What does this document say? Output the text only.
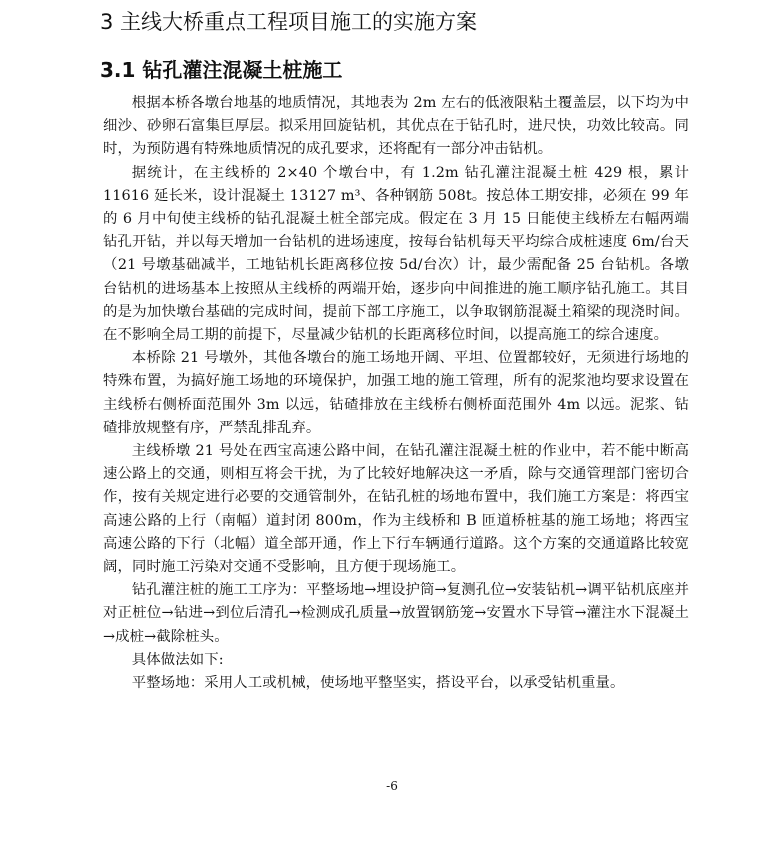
3 主线大桥重点工程项目施工的实施方案
3.1 钻孔灌注混凝土桩施工

根据本桥各墩台地基的地质情况，其地表为 2m 左右的低液限粘土覆盖层，以下均为中细沙、砂卵石富集巨厚层。拟采用回旋钻机，其优点在于钻孔时，进尺快，功效比较高。同时，为预防遇有特殊地质情况的成孔要求，还将配有一部分冲击钻机。

据统计，在主线桥的 2×40 个墩台中，有 1.2m 钻孔灌注混凝土桩 429 根，累计 11616 延长米，设计混凝土 13127 m³、各种钢筋 508t。按总体工期安排，必须在 99 年的 6 月中旬使主线桥的钻孔混凝土桩全部完成。假定在 3 月 15 日能使主线桥左右幅两端钻孔开钻，并以每天增加一台钻机的进场速度，按每台钻机每天平均综合成桩速度 6m/台天（21 号墩基础减半，工地钻机长距离移位按 5d/台次）计，最少需配备 25 台钻机。各墩台钻机的进场基本上按照从主线桥的两端开始，逐步向中间推进的施工顺序钻孔施工。其目的是为加快墩台基础的完成时间，提前下部工序施工，以争取钢筋混凝土箱梁的现浇时间。在不影响全局工期的前提下，尽量减少钻机的长距离移位时间，以提高施工的综合速度。

本桥除 21 号墩外，其他各墩台的施工场地开阔、平坦、位置都较好，无须进行场地的特殊布置，为搞好施工场地的环境保护，加强工地的施工管理，所有的泥浆池均要求设置在主线桥右侧桥面范围外 3m 以远，钻碴排放在主线桥右侧桥面范围外 4m 以远。泥浆、钻碴排放规整有序，严禁乱排乱弃。

主线桥墩 21 号处在西宝高速公路中间，在钻孔灌注混凝土桩的作业中，若不能中断高速公路上的交通，则相互将会干扰，为了比较好地解决这一矛盾，除与交通管理部门密切合作，按有关规定进行必要的交通管制外，在钻孔桩的场地布置中，我们施工方案是：将西宝高速公路的上行（南幅）道封闭 800m，作为主线桥和 B 匝道桥桩基的施工场地；将西宝高速公路的下行（北幅）道全部开通，作上下行车辆通行道路。这个方案的交通道路比较宽阔，同时施工污染对交通不受影响，且方便于现场施工。

钻孔灌注桩的施工工序为：平整场地→埋设护筒→复测孔位→安装钻机→调平钻机底座并对正桩位→钻进→到位后清孔→检测成孔质量→放置钢筋笼→安置水下导管→灌注水下混凝土→成桩→截除桩头。

具体做法如下:

平整场地：采用人工或机械，使场地平整坚实，搭设平台，以承受钻机重量。

-6
